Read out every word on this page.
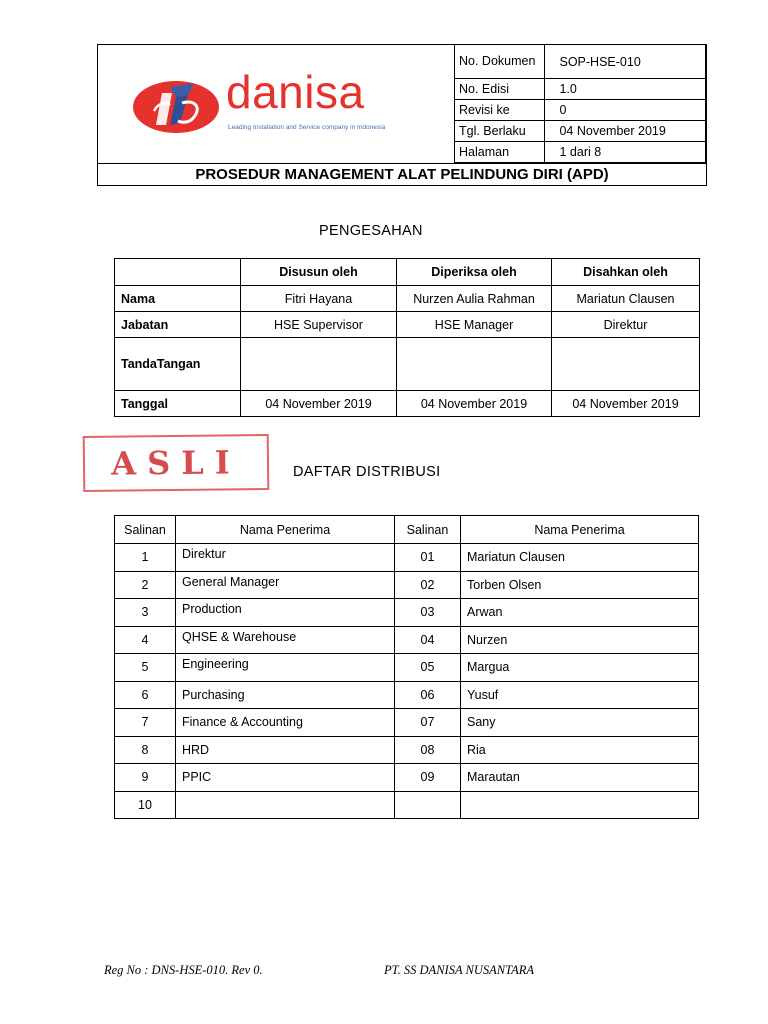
danisa
Leading Installation and Service company in Indonesia
No. Dokumen	SOP-HSE-010
No. Edisi	1.0
Revisi ke	0
Tgl. Berlaku	04 November 2019
Halaman	1 dari 8
PROSEDUR MANAGEMENT ALAT PELINDUNG DIRI (APD)
PENGESAHAN
	Disusun oleh	Diperiksa oleh	Disahkan oleh
Nama	Fitri Hayana	Nurzen Aulia Rahman	Mariatun Clausen
Jabatan	HSE Supervisor	HSE Manager	Direktur
TandaTangan			
Tanggal	04 November 2019	04 November 2019	04 November 2019
ASLI	DAFTAR DISTRIBUSI
Salinan	Nama Penerima	Salinan	Nama Penerima
1	Direktur	01	Mariatun Clausen
2	General Manager	02	Torben Olsen
3	Production	03	Arwan
4	QHSE & Warehouse	04	Nurzen
5	Engineering	05	Margua
6	Purchasing	06	Yusuf
7	Finance & Accounting	07	Sany
8	HRD	08	Ria
9	PPIC	09	Marautan
10			
Reg No : DNS-HSE-010. Rev 0.	PT. SS DANISA NUSANTARA
